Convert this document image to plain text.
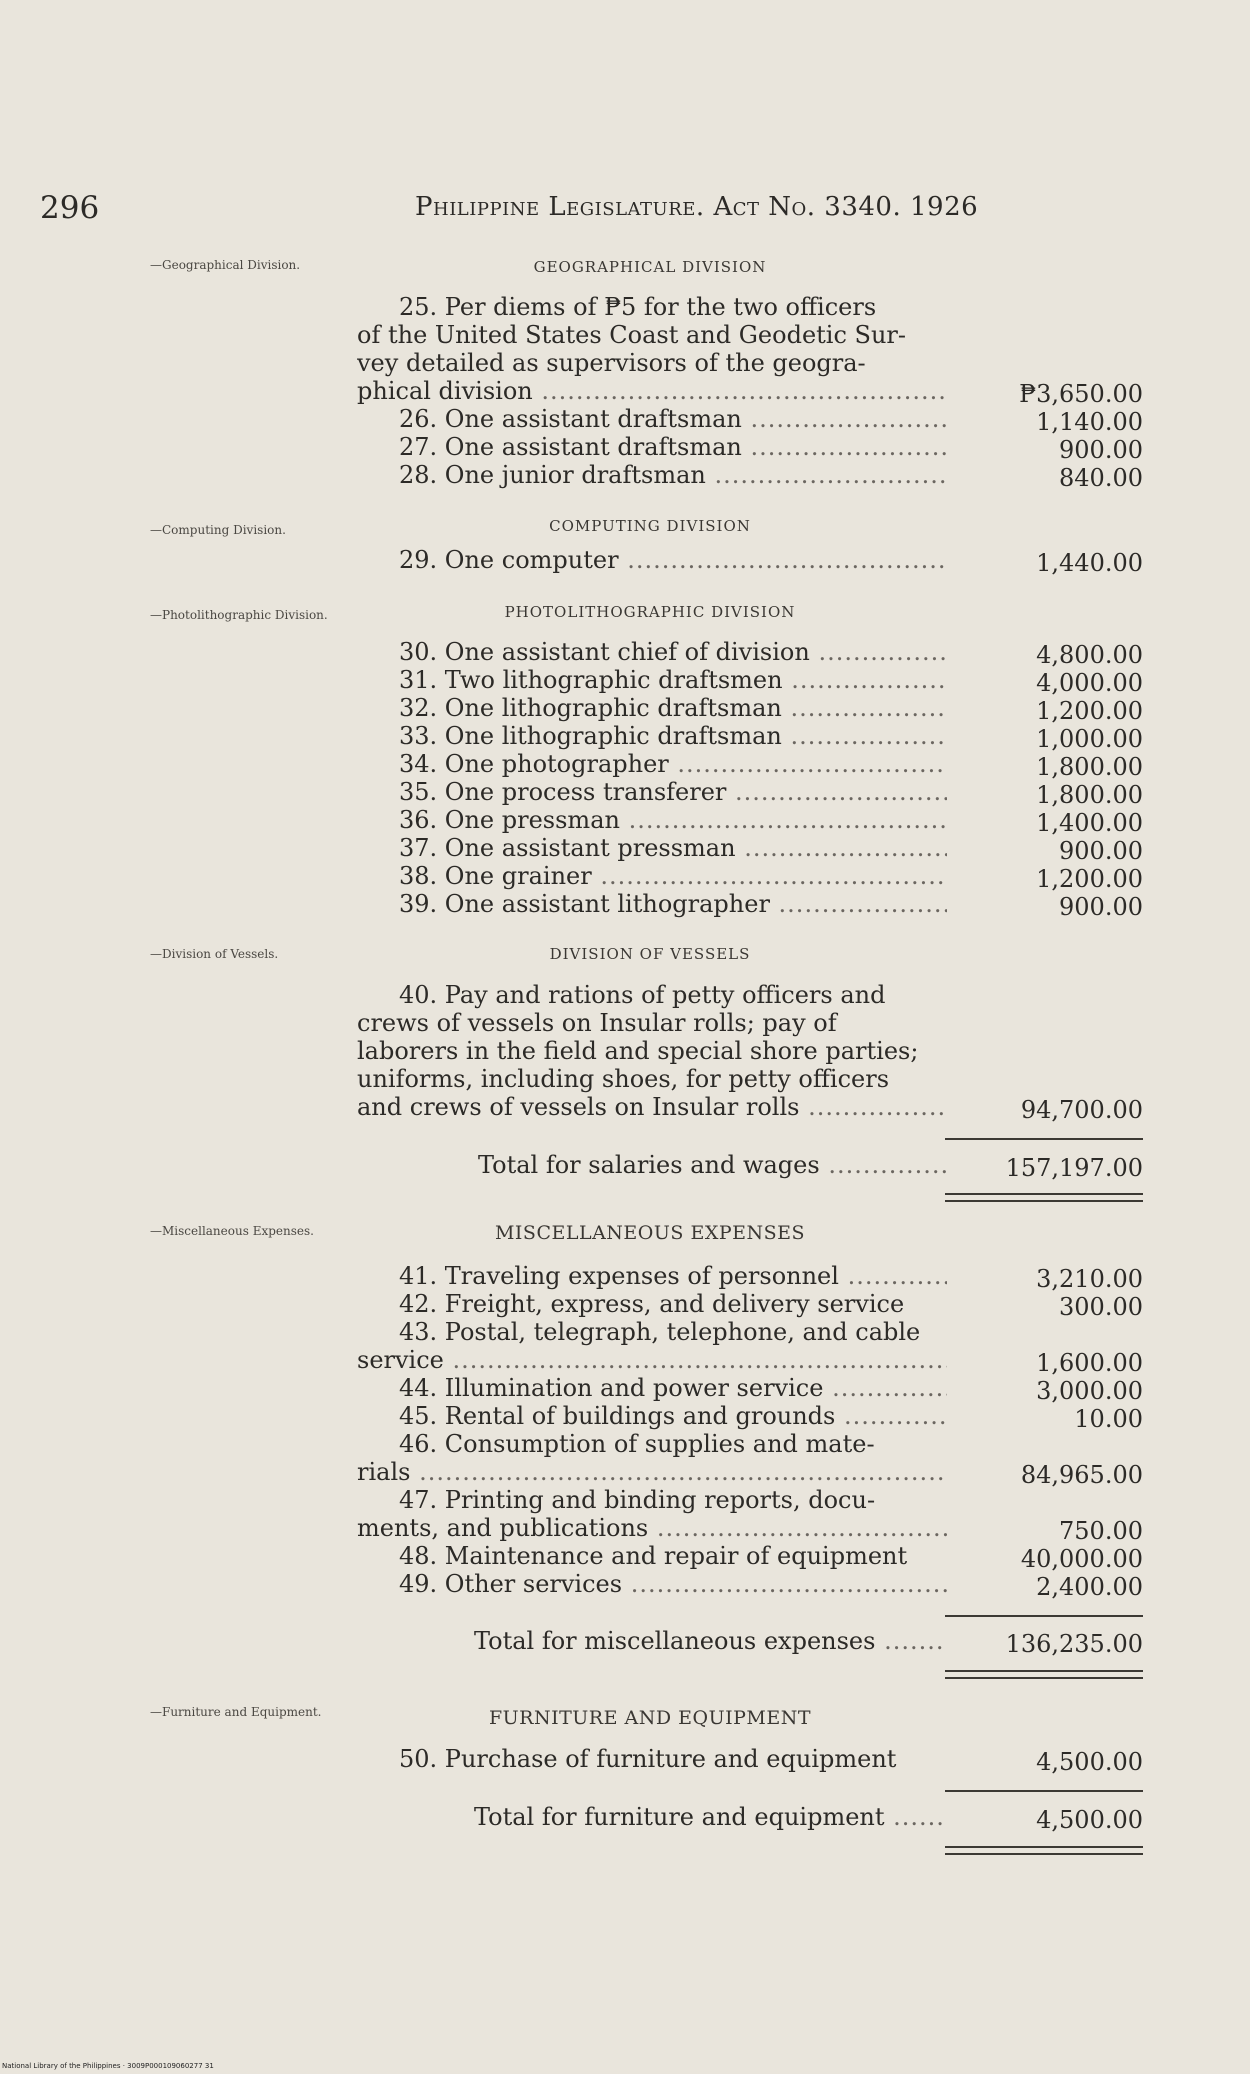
296	Philippine Legislature. Act No. 3340. 1926
—Geographical Division.	GEOGRAPHICAL DIVISION
25. Per diems of ₱5 for the two officers
of the United States Coast and Geodetic Sur-
vey detailed as supervisors of the geogra-
phical division .....	₱3,650.00
26. One assistant draftsman .....	1,140.00
27. One assistant draftsman .....	900.00
28. One junior draftsman .....	840.00
—Computing Division.	COMPUTING DIVISION
29. One computer .....	1,440.00
—Photolithographic Division.	PHOTOLITHOGRAPHIC DIVISION
30. One assistant chief of division .....	4,800.00
31. Two lithographic draftsmen .....	4,000.00
32. One lithographic draftsman .....	1,200.00
33. One lithographic draftsman .....	1,000.00
34. One photographer .....	1,800.00
35. One process transferer .....	1,800.00
36. One pressman .....	1,400.00
37. One assistant pressman .....	900.00
38. One grainer .....	1,200.00
39. One assistant lithographer .....	900.00
—Division of Vessels.	DIVISION OF VESSELS
40. Pay and rations of petty officers and
crews of vessels on Insular rolls; pay of
laborers in the field and special shore parties;
uniforms, including shoes, for petty officers
and crews of vessels on Insular rolls .....	94,700.00
Total for salaries and wages .....	157,197.00
—Miscellaneous Expenses.	MISCELLANEOUS EXPENSES
41. Traveling expenses of personnel .....	3,210.00
42. Freight, express, and delivery service	300.00
43. Postal, telegraph, telephone, and cable
service .....	1,600.00
44. Illumination and power service .....	3,000.00
45. Rental of buildings and grounds .....	10.00
46. Consumption of supplies and mate-
rials .....	84,965.00
47. Printing and binding reports, docu-
ments, and publications .....	750.00
48. Maintenance and repair of equipment	40,000.00
49. Other services .....	2,400.00
Total for miscellaneous expenses .....	136,235.00
—Furniture and Equipment.	FURNITURE AND EQUIPMENT
50. Purchase of furniture and equipment	4,500.00
Total for furniture and equipment .....	4,500.00
National Library of the Philippines · 3009P000109060277 31
